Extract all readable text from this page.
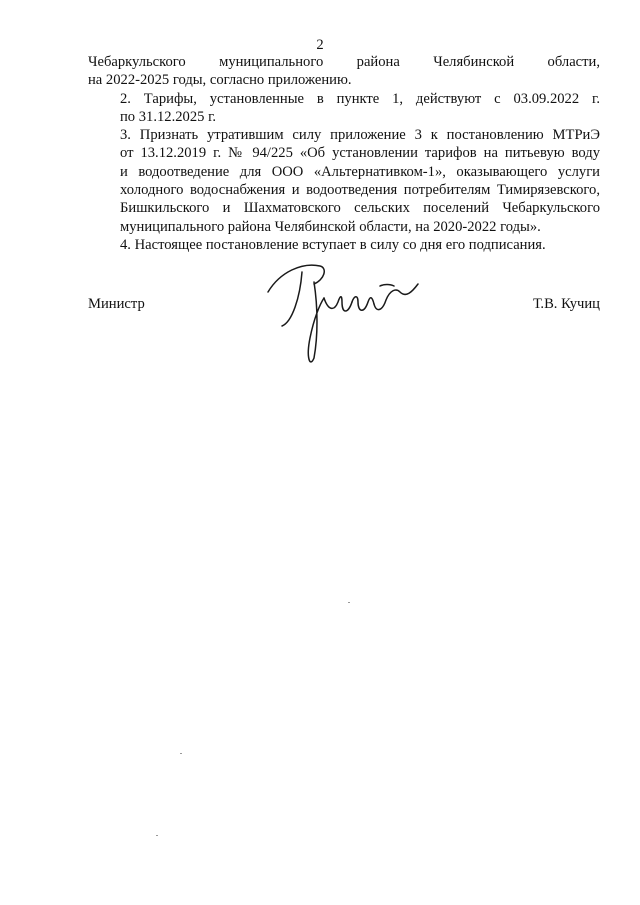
2

Чебаркульского муниципального района Челябинской области,
на 2022-2025 годы, согласно приложению.

2. Тарифы, установленные в пункте 1, действуют с 03.09.2022 г.
по 31.12.2025 г.

3. Признать утратившим силу приложение 3 к постановлению МТРиЭ
от 13.12.2019 г. № 94/225 «Об установлении тарифов на питьевую воду
и водоотведение для ООО «Альтернативком-1», оказывающего услуги
холодного водоснабжения и водоотведения потребителям Тимирязевского,
Бишкильского и Шахматовского сельских поселений Чебаркульского
муниципального района Челябинской области, на 2020-2022 годы».

4. Настоящее постановление вступает в силу со дня его подписания.

Министр	Т.В. Кучиц
